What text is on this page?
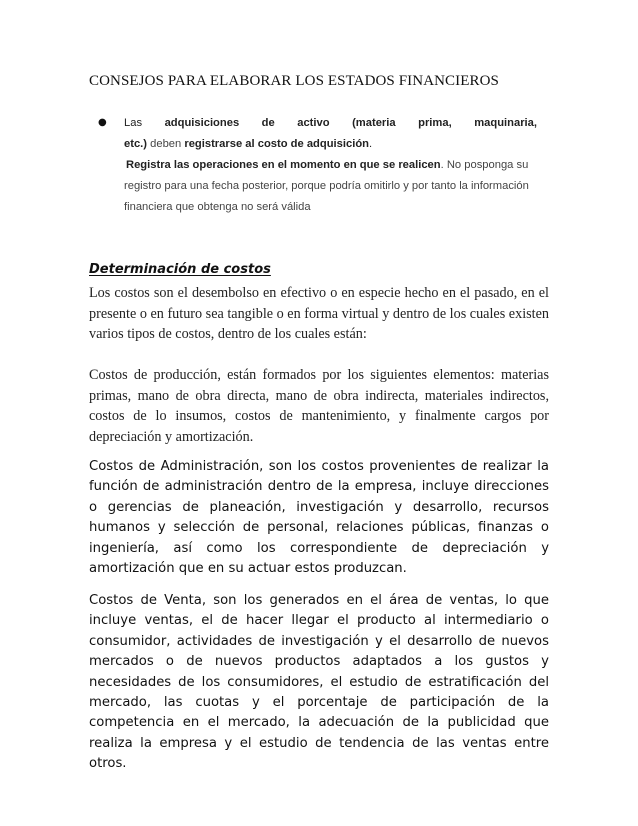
CONSEJOS PARA ELABORAR LOS ESTADOS FINANCIEROS
● Las adquisiciones de activo (materia prima, maquinaria,
etc.) deben registrarse al costo de adquisición.
Registra las operaciones en el momento en que se realicen. No posponga su
registro para una fecha posterior, porque podría omitirlo y por tanto la información
financiera que obtenga no será válida
Determinación de costos
Los costos son el desembolso en efectivo o en especie hecho en el pasado, en el presente o en futuro sea tangible o en forma virtual y dentro de los cuales existen varios tipos de costos, dentro de los cuales están:
Costos de producción, están formados por los siguientes elementos: materias primas, mano de obra directa, mano de obra indirecta, materiales indirectos, costos de lo insumos, costos de mantenimiento, y finalmente cargos por depreciación y amortización.
Costos de Administración, son los costos provenientes de realizar la función de administración dentro de la empresa, incluye direcciones o gerencias de planeación, investigación y desarrollo, recursos humanos y selección de personal, relaciones públicas, finanzas o ingeniería, así como los correspondiente de depreciación y amortización que en su actuar estos produzcan.
Costos de Venta, son los generados en el área de ventas, lo que incluye ventas, el de hacer llegar el producto al intermediario o consumidor, actividades de investigación y el desarrollo de nuevos mercados o de nuevos productos adaptados a los gustos y necesidades de los consumidores, el estudio de estratificación del mercado, las cuotas y el porcentaje de participación de la competencia en el mercado, la adecuación de la publicidad que realiza la empresa y el estudio de tendencia de las ventas entre otros.
